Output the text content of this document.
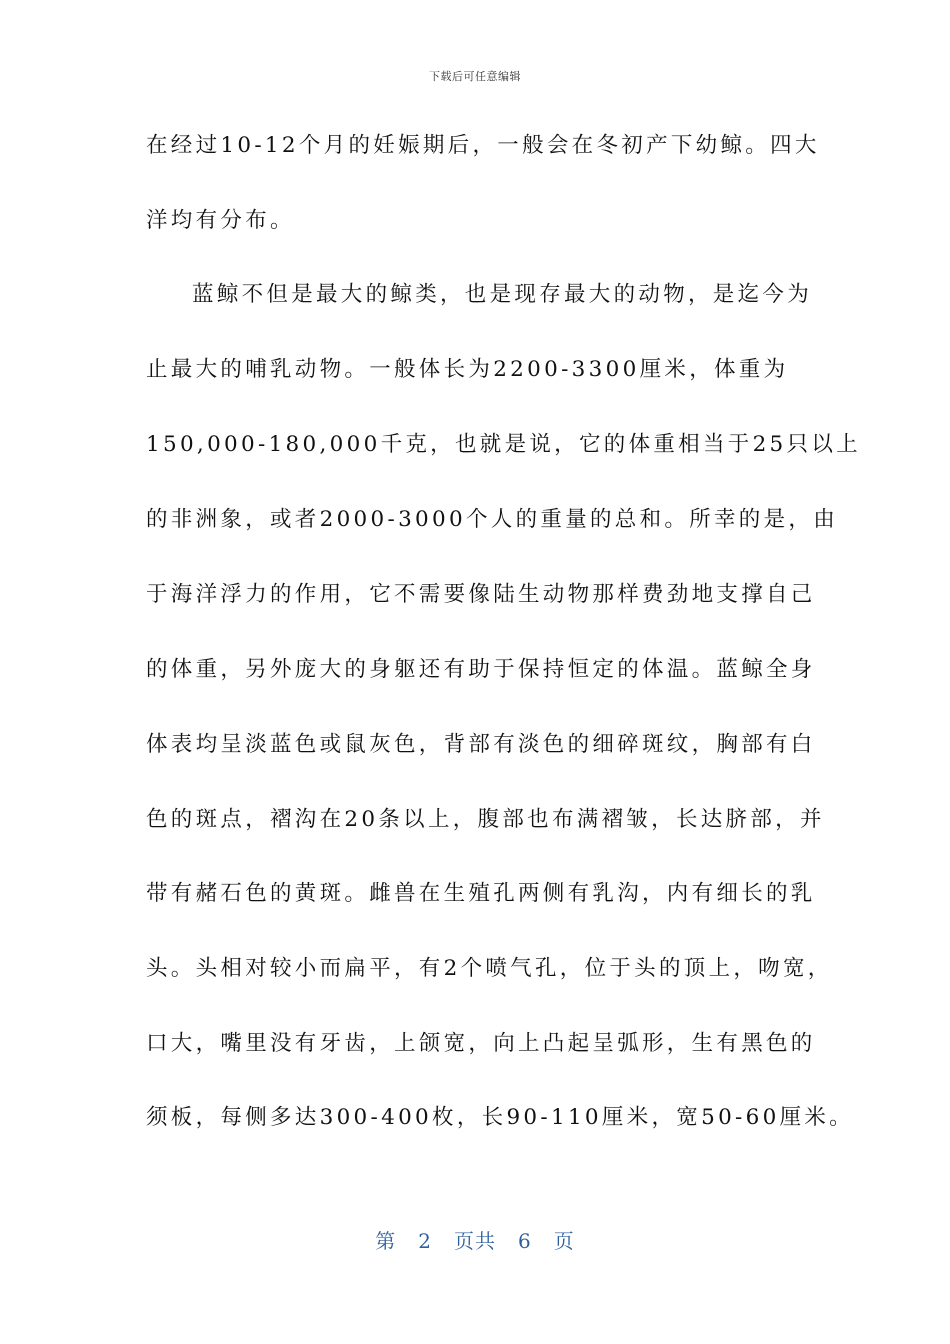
下载后可任意编辑
在经过10-12个月的妊娠期后，一般会在冬初产下幼鲸。四大
洋均有分布。
蓝鲸不但是最大的鲸类，也是现存最大的动物，是迄今为
止最大的哺乳动物。一般体长为2200-3300厘米，体重为
150,000-180,000千克，也就是说，它的体重相当于25只以上
的非洲象，或者2000-3000个人的重量的总和。所幸的是，由
于海洋浮力的作用，它不需要像陆生动物那样费劲地支撑自己
的体重，另外庞大的身躯还有助于保持恒定的体温。蓝鲸全身
体表均呈淡蓝色或鼠灰色，背部有淡色的细碎斑纹，胸部有白
色的斑点，褶沟在20条以上，腹部也布满褶皱，长达脐部，并
带有赭石色的黄斑。雌兽在生殖孔两侧有乳沟，内有细长的乳
头。头相对较小而扁平，有2个喷气孔，位于头的顶上，吻宽，
口大，嘴里没有牙齿，上颌宽，向上凸起呈弧形，生有黑色的
须板，每侧多达300-400枚，长90-110厘米，宽50-60厘米。
第 2 页共 6 页
